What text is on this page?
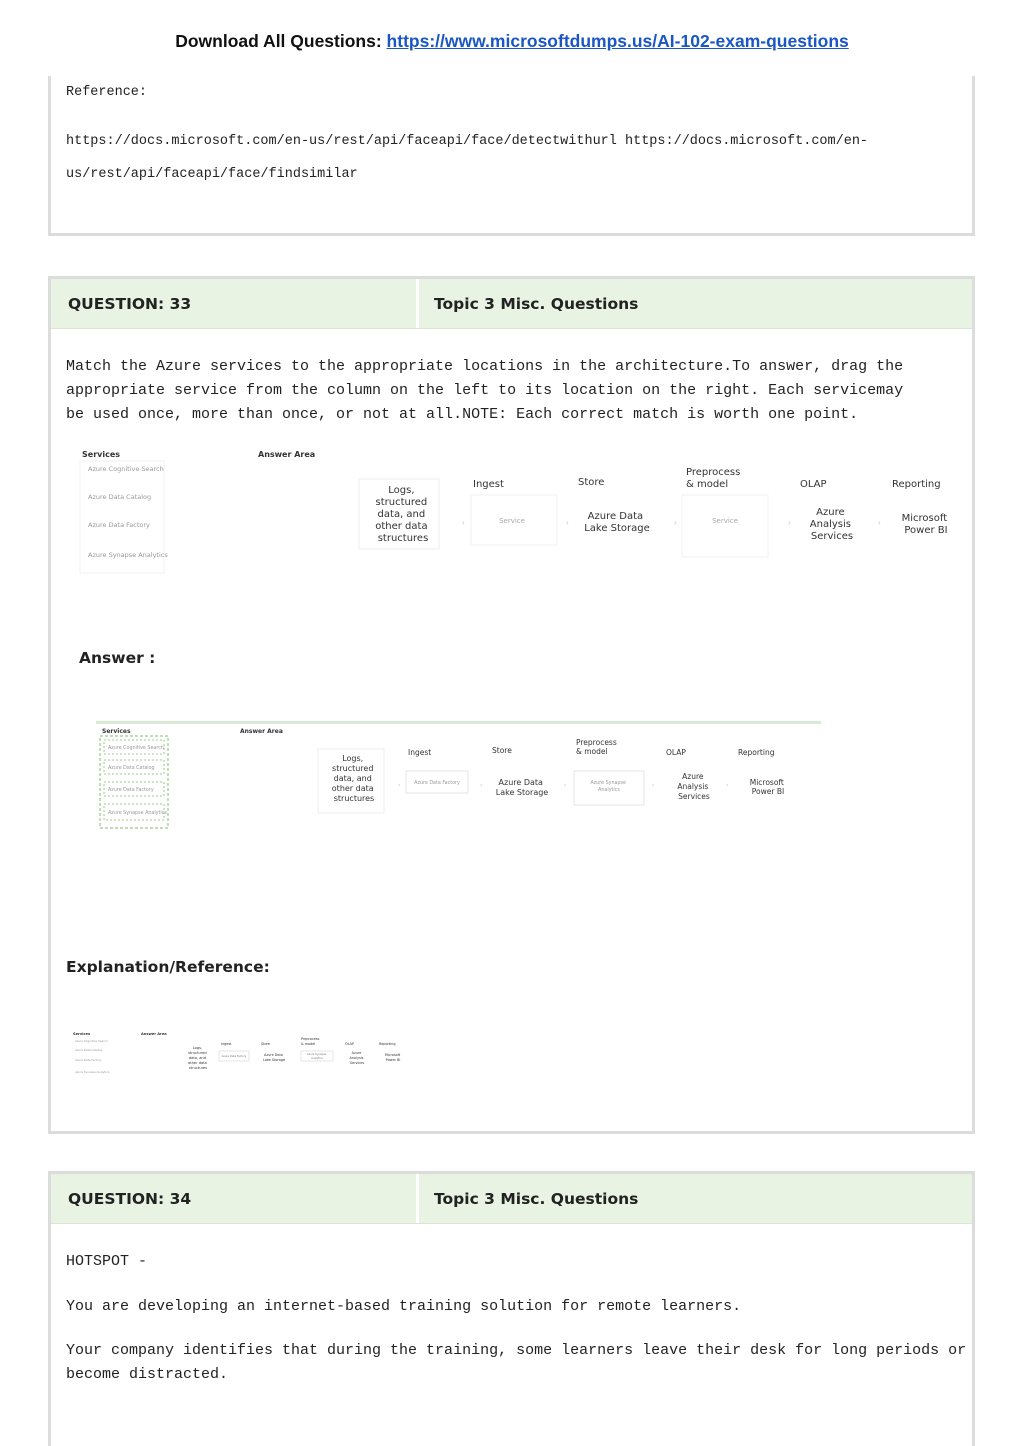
Download All Questions: https://www.microsoftdumps.us/AI-102-exam-questions
Reference:
https://docs.microsoft.com/en-us/rest/api/faceapi/face/detectwithurl https://docs.microsoft.com/en-
us/rest/api/faceapi/face/findsimilar
QUESTION: 33	Topic 3 Misc. Questions
Match the Azure services to the appropriate locations in the architecture.To answer, drag the
appropriate service from the column on the left to its location on the right. Each servicemay
be used once, more than once, or not at all.NOTE: Each correct match is worth one point.
Services	Answer Area
Azure Cognitive Search
Azure Data Catalog
Azure Data Factory
Azure Synapse Analytics
Logs, structured data, and other data structures
Ingest	Store
Preprocess & model	OLAP	Reporting
Service	Azure Data Lake Storage
Service
Azure Analysis Services
Microsoft Power BI
›	›	›	›	›
Answer :
Services	Answer Area
Azure Cognitive Search
Azure Data Catalog
Azure Data Factory
Azure Synapse Analytics
Logs, structured data, and other data structures
Ingest	Store
Preprocess & model	OLAP	Reporting
Azure Data Factory	Azure Data Lake Storage
Azure Synapse Analytics
Azure Analysis Services
Microsoft Power BI
›	›	›	›	›
Explanation/Reference:
Services	Answer Area
Azure Cognitive Search
Azure Data Catalog
Azure Data Factory
Azure Synapse Analytics
Logs, structured data, and other data structures
Ingest	Store
Preprocess & model	OLAP	Reporting
Azure Data Factory	Azure Data Lake Storage
Azure Synapse Analytics
Azure Analysis Services
Microsoft Power BI
QUESTION: 34	Topic 3 Misc. Questions
HOTSPOT -
You are developing an internet-based training solution for remote learners.
Your company identifies that during the training, some learners leave their desk for long periods or
become distracted.
